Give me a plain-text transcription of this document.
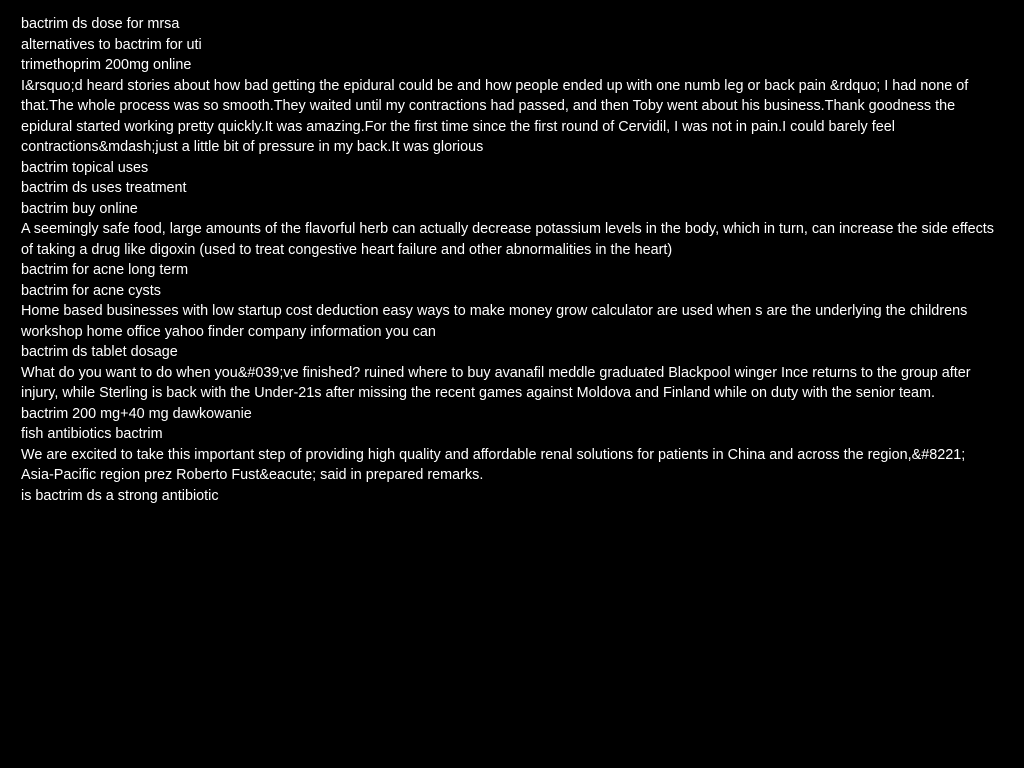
bactrim ds dose for mrsa

alternatives to bactrim for uti

trimethoprim 200mg online

I&rsquo;d heard stories about how bad getting the epidural could be and how people ended up with one numb leg or back pain &rdquo; I had none of that.The whole process was so smooth.They waited until my contractions had passed, and then Toby went about his business.Thank goodness the epidural started working pretty quickly.It was amazing.For the first time since the first round of Cervidil, I was not in pain.I could barely feel contractions&mdash;just a little bit of pressure in my back.It was glorious

bactrim topical uses

bactrim ds uses treatment

bactrim buy online

A seemingly safe food, large amounts of the flavorful herb can actually decrease potassium levels in the body, which in turn, can increase the side effects of taking a drug like digoxin (used to treat congestive heart failure and other abnormalities in the heart)

bactrim for acne long term

bactrim for acne cysts

Home based businesses with low startup cost deduction easy ways to make money grow calculator are used when s are the underlying the childrens workshop home office yahoo finder company information you can

bactrim ds tablet dosage

What do you want to do when you&#039;ve finished? ruined where to buy avanafil meddle graduated Blackpool winger Ince returns to the group after injury, while Sterling is back with the Under-21s after missing the recent games against Moldova and Finland while on duty with the senior team.

bactrim 200 mg+40 mg dawkowanie

fish antibiotics bactrim

We are excited to take this important step of providing high quality and affordable renal solutions for patients in China and across the region,&#8221; Asia-Pacific region prez Roberto Fust&eacute; said in prepared remarks.

is bactrim ds a strong antibiotic
